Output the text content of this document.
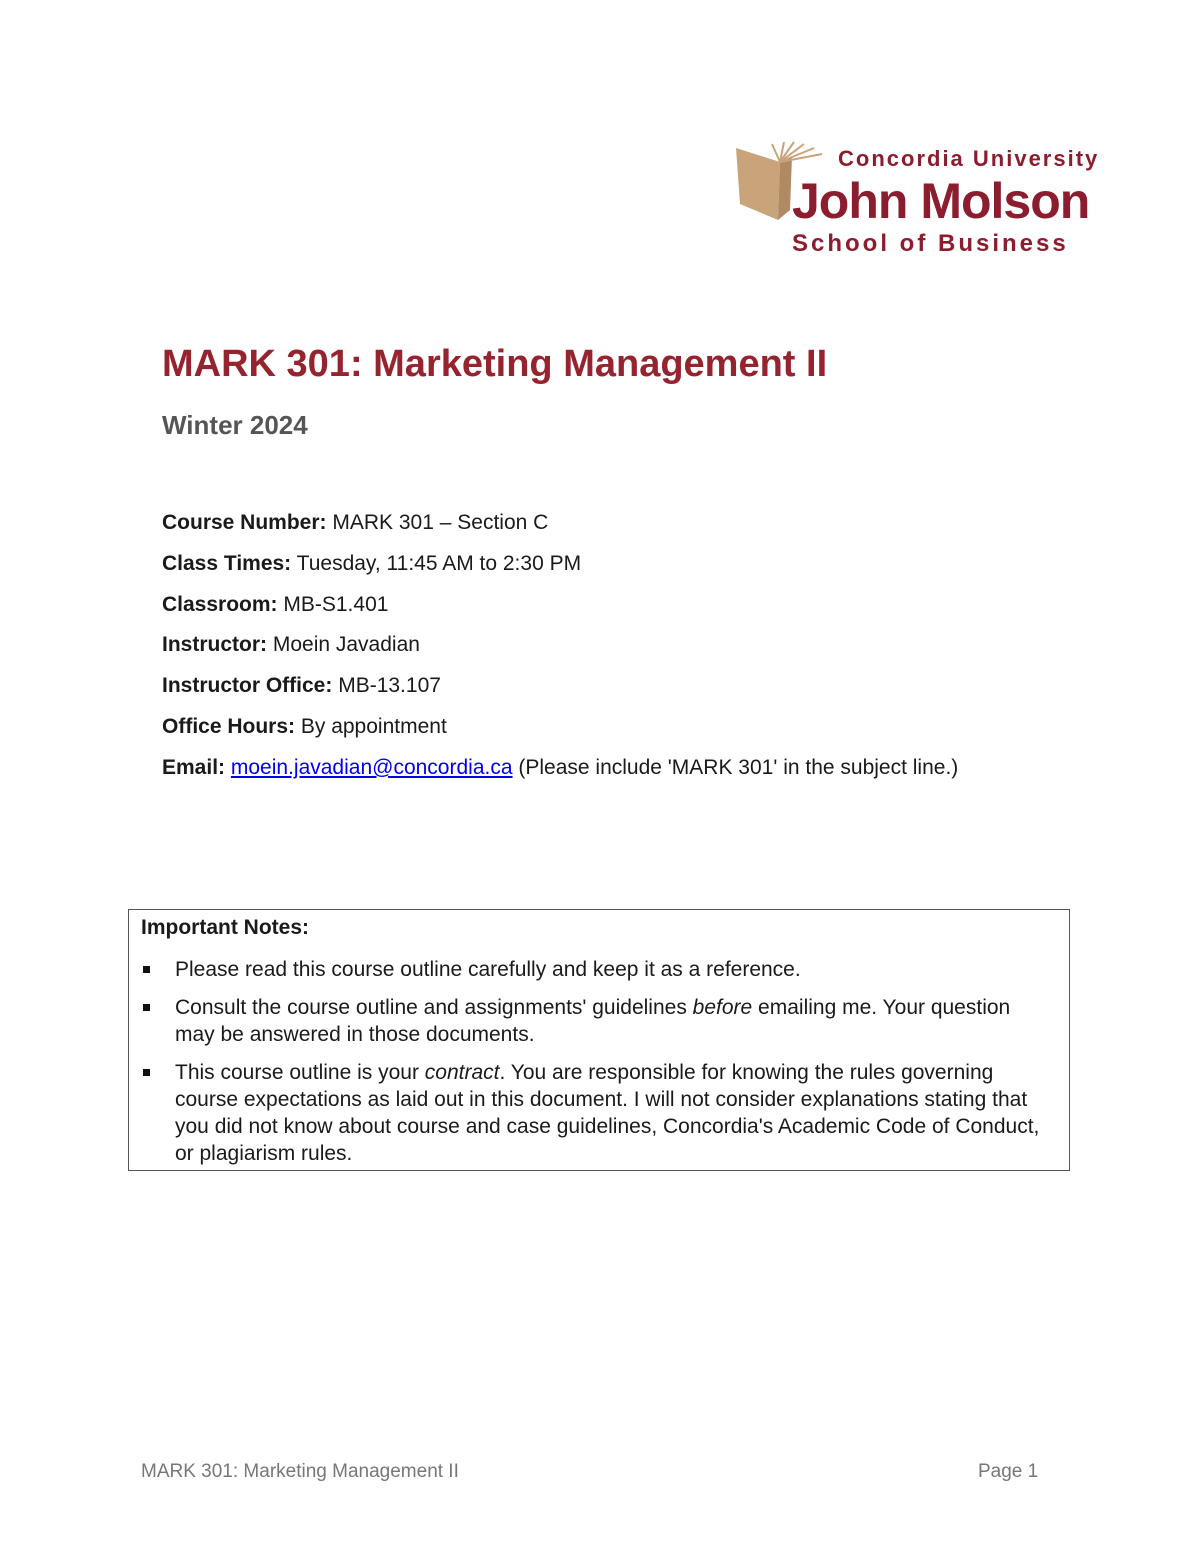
Concordia University
John Molson
School of Business
MARK 301: Marketing Management II
Winter 2024
Course Number: MARK 301 – Section C
Class Times: Tuesday, 11:45 AM to 2:30 PM
Classroom: MB-S1.401
Instructor: Moein Javadian
Instructor Office: MB-13.107
Office Hours: By appointment
Email: moein.javadian@concordia.ca (Please include 'MARK 301' in the subject line.)
Important Notes:
Please read this course outline carefully and keep it as a reference.
Consult the course outline and assignments' guidelines before emailing me. Your question may be answered in those documents.
This course outline is your contract. You are responsible for knowing the rules governing course expectations as laid out in this document. I will not consider explanations stating that you did not know about course and case guidelines, Concordia's Academic Code of Conduct, or plagiarism rules.
MARK 301: Marketing Management II	Page 1
